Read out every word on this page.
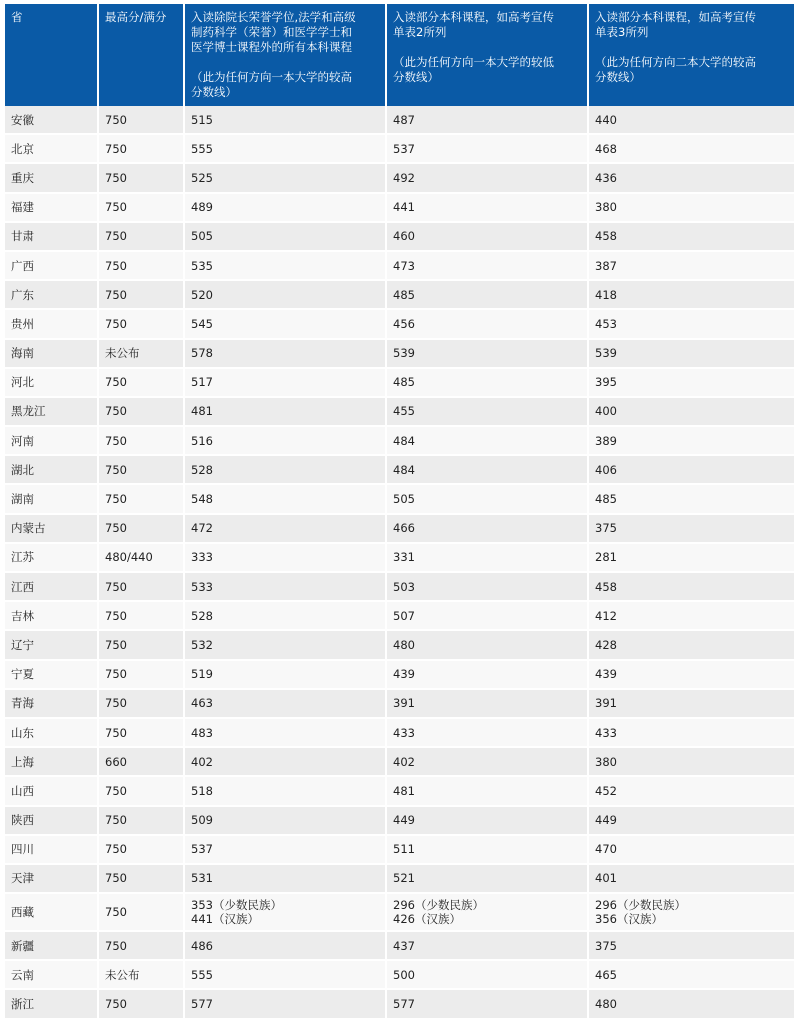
省	最高分/满分	入读除院长荣誉学位,法学和高级
制药科学（荣誉）和医学学士和
医学博士课程外的所有本科课程
（此为任何方向一本大学的较高
分数线）	入读部分本科课程，如高考宣传
单表2所列
（此为任何方向一本大学的较低
分数线）	入读部分本科课程，如高考宣传
单表3所列
（此为任何方向二本大学的较高
分数线）

安徽	750	515	487	440
北京	750	555	537	468
重庆	750	525	492	436
福建	750	489	441	380
甘肃	750	505	460	458
广西	750	535	473	387
广东	750	520	485	418
贵州	750	545	456	453
海南	未公布	578	539	539
河北	750	517	485	395
黑龙江	750	481	455	400
河南	750	516	484	389
湖北	750	528	484	406
湖南	750	548	505	485
内蒙古	750	472	466	375
江苏	480/440	333	331	281
江西	750	533	503	458
吉林	750	528	507	412
辽宁	750	532	480	428
宁夏	750	519	439	439
青海	750	463	391	391
山东	750	483	433	433
上海	660	402	402	380
山西	750	518	481	452
陕西	750	509	449	449
四川	750	537	511	470
天津	750	531	521	401
西藏	750	353（少数民族）
441（汉族）	296（少数民族）
426（汉族）	296（少数民族）
356（汉族）

新疆	750	486	437	375
云南	未公布	555	500	465
浙江	750	577	577	480
